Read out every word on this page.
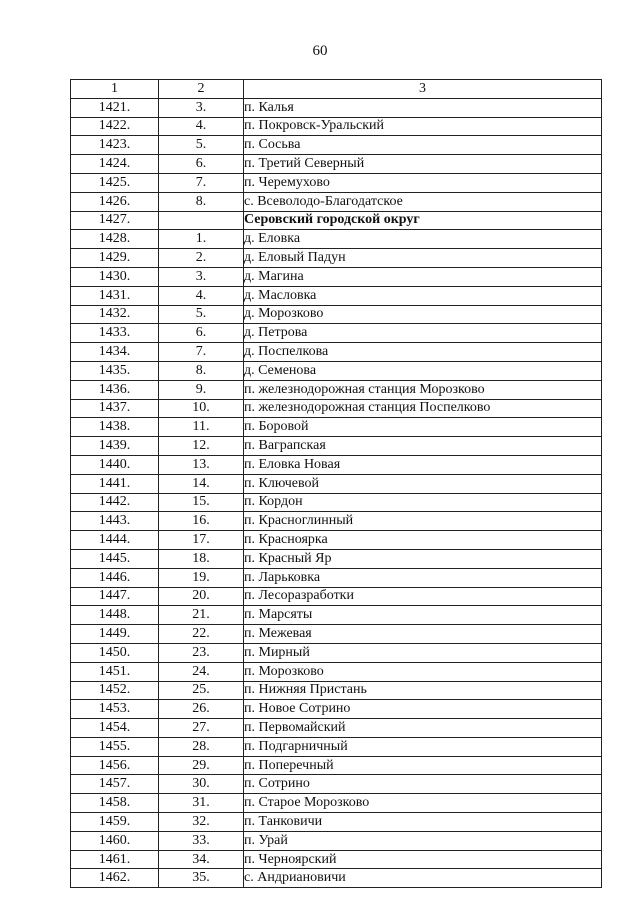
60
1	2	3
1421.	3.	п. Калья
1422.	4.	п. Покровск-Уральский
1423.	5.	п. Сосьва
1424.	6.	п. Третий Северный
1425.	7.	п. Черемухово
1426.	8.	с. Всеволодо-Благодатское
1427.		Серовский городской округ
1428.	1.	д. Еловка
1429.	2.	д. Еловый Падун
1430.	3.	д. Магина
1431.	4.	д. Масловка
1432.	5.	д. Морозково
1433.	6.	д. Петрова
1434.	7.	д. Поспелкова
1435.	8.	д. Семенова
1436.	9.	п. железнодорожная станция Морозково
1437.	10.	п. железнодорожная станция Поспелково
1438.	11.	п. Боровой
1439.	12.	п. Ваграпская
1440.	13.	п. Еловка Новая
1441.	14.	п. Ключевой
1442.	15.	п. Кордон
1443.	16.	п. Красноглинный
1444.	17.	п. Красноярка
1445.	18.	п. Красный Яр
1446.	19.	п. Ларьковка
1447.	20.	п. Лесоразработки
1448.	21.	п. Марсяты
1449.	22.	п. Межевая
1450.	23.	п. Мирный
1451.	24.	п. Морозково
1452.	25.	п. Нижняя Пристань
1453.	26.	п. Новое Сотрино
1454.	27.	п. Первомайский
1455.	28.	п. Подгарничный
1456.	29.	п. Поперечный
1457.	30.	п. Сотрино
1458.	31.	п. Старое Морозково
1459.	32.	п. Танковичи
1460.	33.	п. Урай
1461.	34.	п. Черноярский
1462.	35.	с. Андриановичи
